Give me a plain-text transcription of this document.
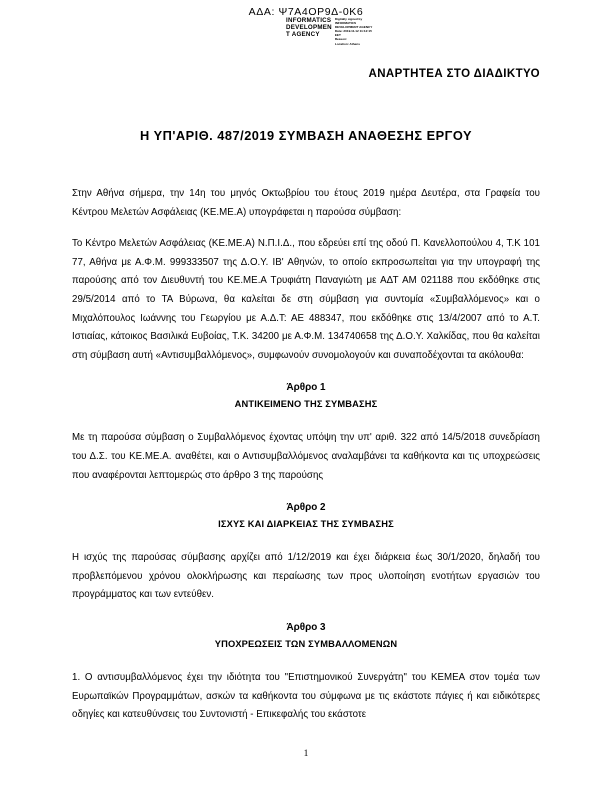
ΑΔΑ: Ψ7Α4ΟΡ9Δ-0Κ6
INFORMATICS
DEVELOPMEN
T AGENCY
Digitally signed by
INFORMATICS
DEVELOPMENT AGENCY
Date: 2019.11.12 11:12:15
EET
Reason:
Location: Athens
ΑΝΑΡΤΗΤΕΑ ΣΤΟ ΔΙΑΔΙΚΤΥΟ
Η ΥΠ'ΑΡΙΘ. 487/2019 ΣΥΜΒΑΣΗ ΑΝΑΘΕΣΗΣ ΕΡΓΟΥ

Στην Αθήνα σήμερα, την 14η του μηνός Οκτωβρίου του έτους 2019 ημέρα Δευτέρα, στα Γραφεία του Κέντρου Μελετών Ασφάλειας (ΚΕ.ΜΕ.Α) υπογράφεται η παρούσα σύμβαση:

Το Κέντρο Μελετών Ασφάλειας (ΚΕ.ΜΕ.Α) Ν.Π.Ι.Δ., που εδρεύει επί της οδού Π. Κανελλοπούλου 4, Τ.Κ 101 77, Αθήνα με Α.Φ.Μ. 999333507 της Δ.Ο.Υ. ΙΒ' Αθηνών, το οποίο εκπροσωπείται για την υπογραφή της παρούσης από τον Διευθυντή του ΚΕ.ΜΕ.Α Τρυφιάτη Παναγιώτη με ΑΔΤ ΑΜ 021188 που εκδόθηκε στις 29/5/2014 από το ΤΑ Βύρωνα, θα καλείται δε στη σύμβαση για συντομία «Συμβαλλόμενος» και ο Μιχαλόπουλος Ιωάννης του Γεωργίου με Α.Δ.Τ: ΑΕ 488347, που εκδόθηκε στις 13/4/2007 από το Α.Τ. Ιστιαίας, κάτοικος Βασιλικά Ευβοίας, Τ.Κ. 34200 με Α.Φ.Μ. 134740658 της Δ.Ο.Υ. Χαλκίδας, που θα καλείται στη σύμβαση αυτή «Αντισυμβαλλόμενος», συμφωνούν συνομολογούν και συναποδέχονται τα ακόλουθα:

Άρθρο 1
ΑΝΤΙΚΕΙΜΕΝΟ ΤΗΣ ΣΥΜΒΑΣΗΣ

Με τη παρούσα σύμβαση ο Συμβαλλόμενος έχοντας υπόψη την υπ' αριθ. 322 από 14/5/2018 συνεδρίαση του Δ.Σ. του ΚΕ.ΜΕ.Α. αναθέτει, και ο Αντισυμβαλλόμενος αναλαμβάνει τα καθήκοντα και τις υποχρεώσεις που αναφέρονται λεπτομερώς στο άρθρο 3 της παρούσης

Άρθρο 2
ΙΣΧΥΣ ΚΑΙ ΔΙΑΡΚΕΙΑΣ ΤΗΣ ΣΥΜΒΑΣΗΣ

Η ισχύς της παρούσας σύμβασης αρχίζει από 1/12/2019 και έχει διάρκεια έως 30/1/2020, δηλαδή του προβλεπόμενου χρόνου ολοκλήρωσης και περαίωσης των προς υλοποίηση ενοτήτων εργασιών του προγράμματος και των εντεύθεν.

Άρθρο 3
ΥΠΟΧΡΕΩΣΕΙΣ ΤΩΝ ΣΥΜΒΑΛΛΟΜΕΝΩΝ

1. Ο αντισυμβαλλόμενος έχει την ιδιότητα του "Επιστημονικού Συνεργάτη" του ΚΕΜΕΑ στον τομέα των Ευρωπαϊκών Προγραμμάτων, ασκών τα καθήκοντα του σύμφωνα με τις εκάστοτε πάγιες ή και ειδικότερες οδηγίες και κατευθύνσεις του Συντονιστή - Επικεφαλής του εκάστοτε

1
